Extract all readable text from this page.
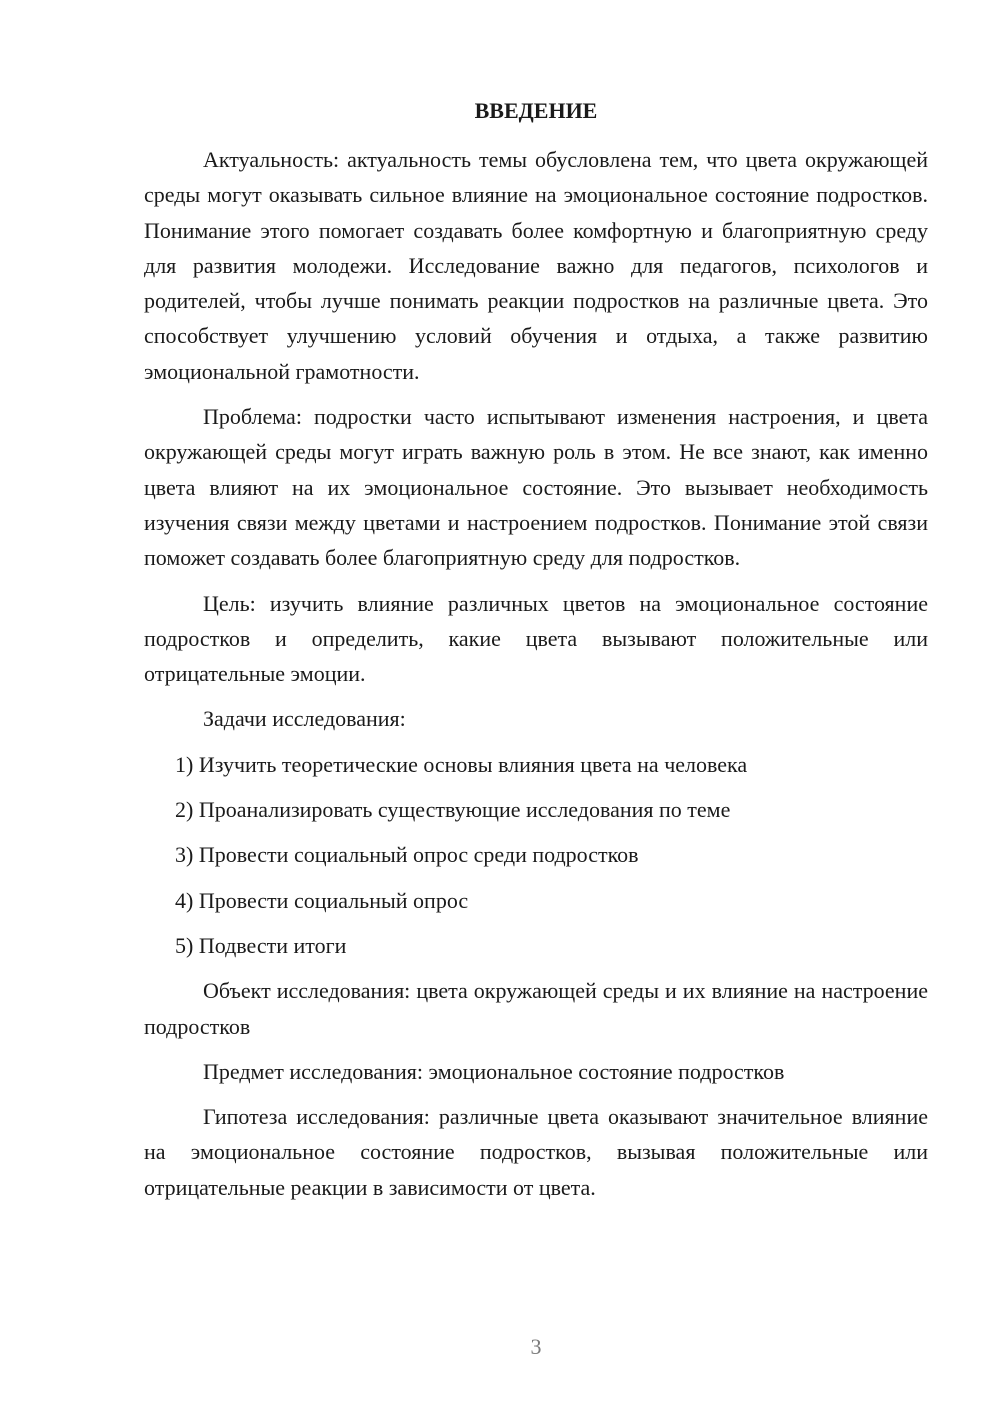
ВВЕДЕНИЕ

Актуальность: актуальность темы обусловлена тем, что цвета окружающей среды могут оказывать сильное влияние на эмоциональное состояние подростков. Понимание этого помогает создавать более комфортную и благоприятную среду для развития молодежи. Исследование важно для педагогов, психологов и родителей, чтобы лучше понимать реакции подростков на различные цвета. Это способствует улучшению условий обучения и отдыха, а также развитию эмоциональной грамотности.

Проблема: подростки часто испытывают изменения настроения, и цвета окружающей среды могут играть важную роль в этом. Не все знают, как именно цвета влияют на их эмоциональное состояние. Это вызывает необходимость изучения связи между цветами и настроением подростков. Понимание этой связи поможет создавать более благоприятную среду для подростков.

Цель: изучить влияние различных цветов на эмоциональное состояние подростков и определить, какие цвета вызывают положительные или отрицательные эмоции.

Задачи исследования:

1) Изучить теоретические основы влияния цвета на человека

2) Проанализировать существующие исследования по теме

3) Провести социальный опрос среди подростков

4) Провести социальный опрос

5) Подвести итоги

Объект исследования: цвета окружающей среды и их влияние на настроение подростков

Предмет исследования: эмоциональное состояние подростков

Гипотеза исследования: различные цвета оказывают значительное влияние на эмоциональное состояние подростков, вызывая положительные или отрицательные реакции в зависимости от цвета.

3
